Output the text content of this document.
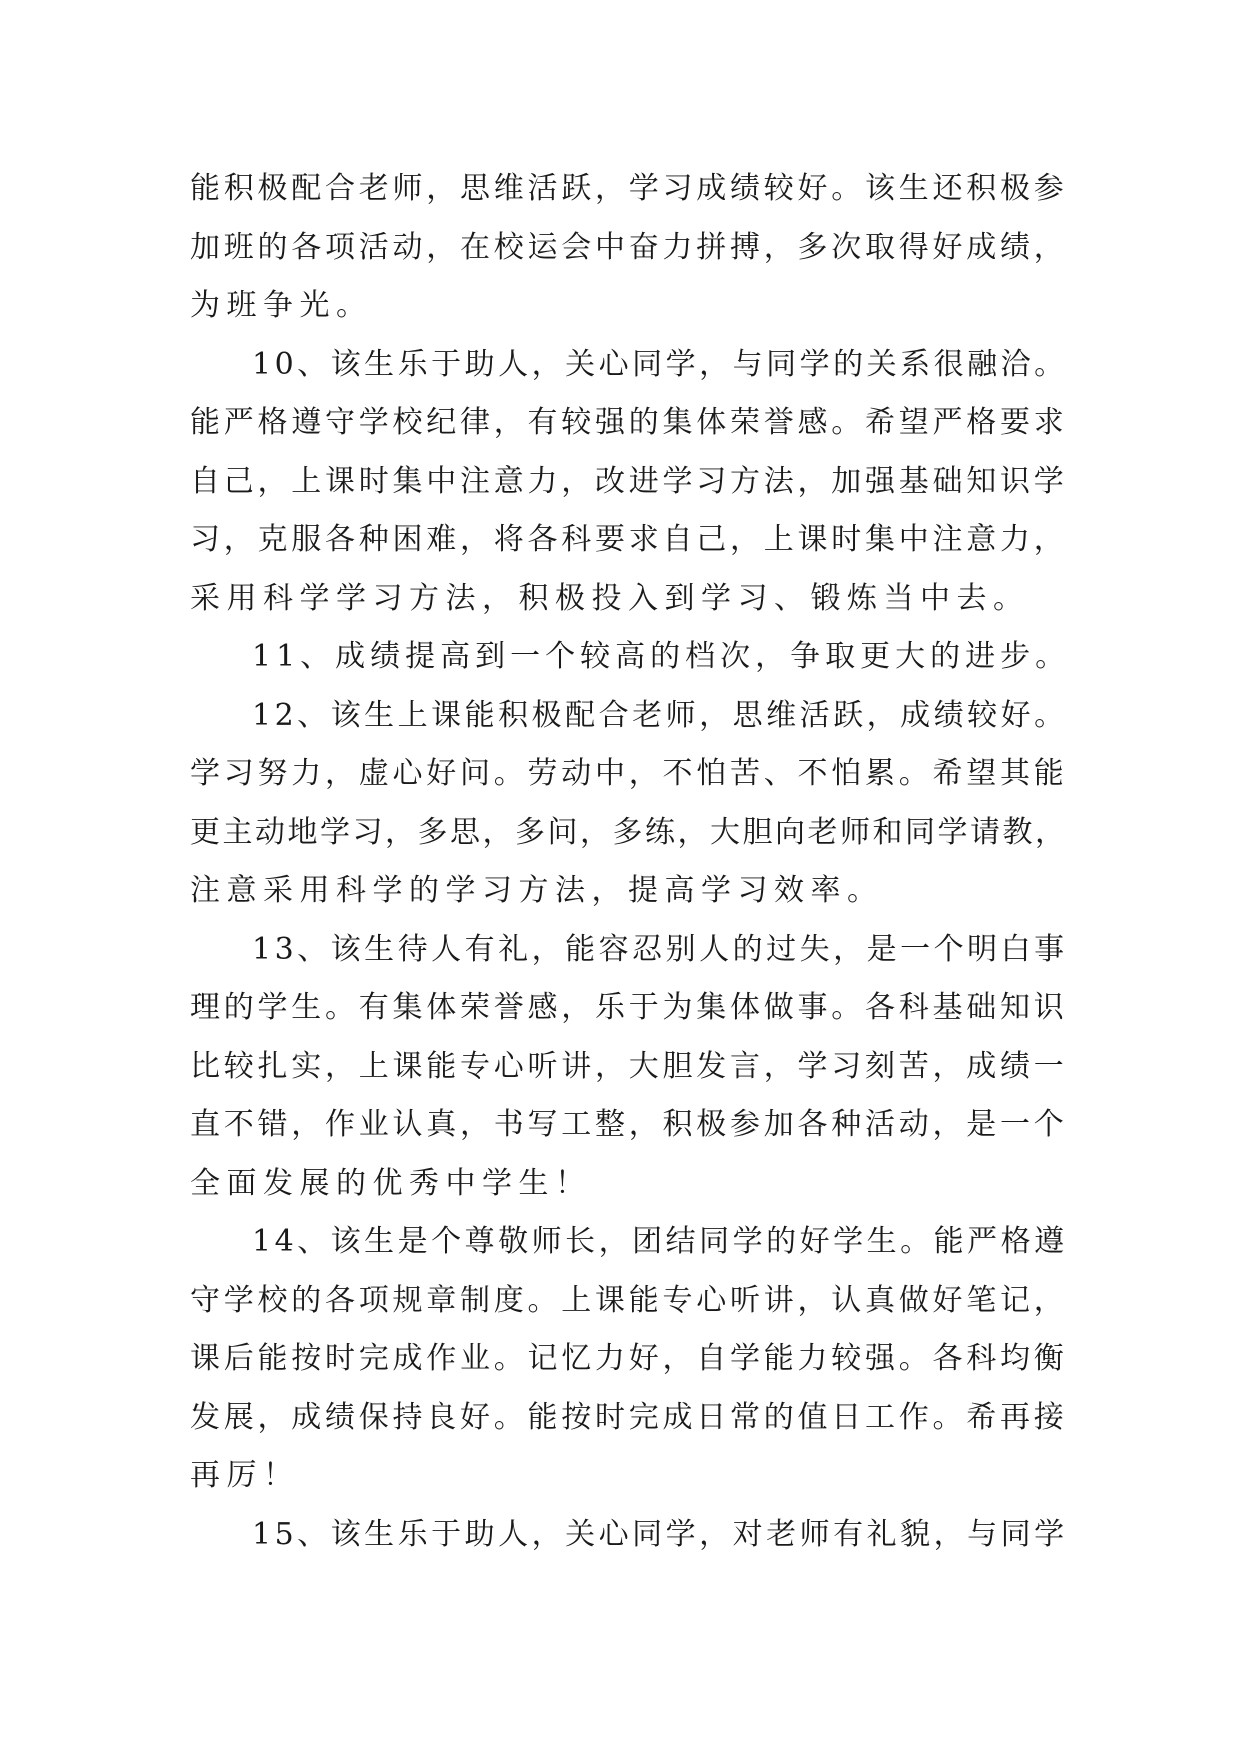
能积极配合老师，思维活跃，学习成绩较好。该生还积极参
加班的各项活动，在校运会中奋力拼搏，多次取得好成绩，
为班争光。
10、该生乐于助人，关心同学，与同学的关系很融洽。
能严格遵守学校纪律，有较强的集体荣誉感。希望严格要求
自己，上课时集中注意力，改进学习方法，加强基础知识学
习，克服各种困难，将各科要求自己，上课时集中注意力，
采用科学学习方法，积极投入到学习、锻炼当中去。
11、成绩提高到一个较高的档次，争取更大的进步。
12、该生上课能积极配合老师，思维活跃，成绩较好。
学习努力，虚心好问。劳动中，不怕苦、不怕累。希望其能
更主动地学习，多思，多问，多练，大胆向老师和同学请教，
注意采用科学的学习方法，提高学习效率。
13、该生待人有礼，能容忍别人的过失，是一个明白事
理的学生。有集体荣誉感，乐于为集体做事。各科基础知识
比较扎实，上课能专心听讲，大胆发言，学习刻苦，成绩一
直不错，作业认真，书写工整，积极参加各种活动，是一个
全面发展的优秀中学生！
14、该生是个尊敬师长，团结同学的好学生。能严格遵
守学校的各项规章制度。上课能专心听讲，认真做好笔记，
课后能按时完成作业。记忆力好，自学能力较强。各科均衡
发展，成绩保持良好。能按时完成日常的值日工作。希再接
再厉！
15、该生乐于助人，关心同学，对老师有礼貌，与同学
